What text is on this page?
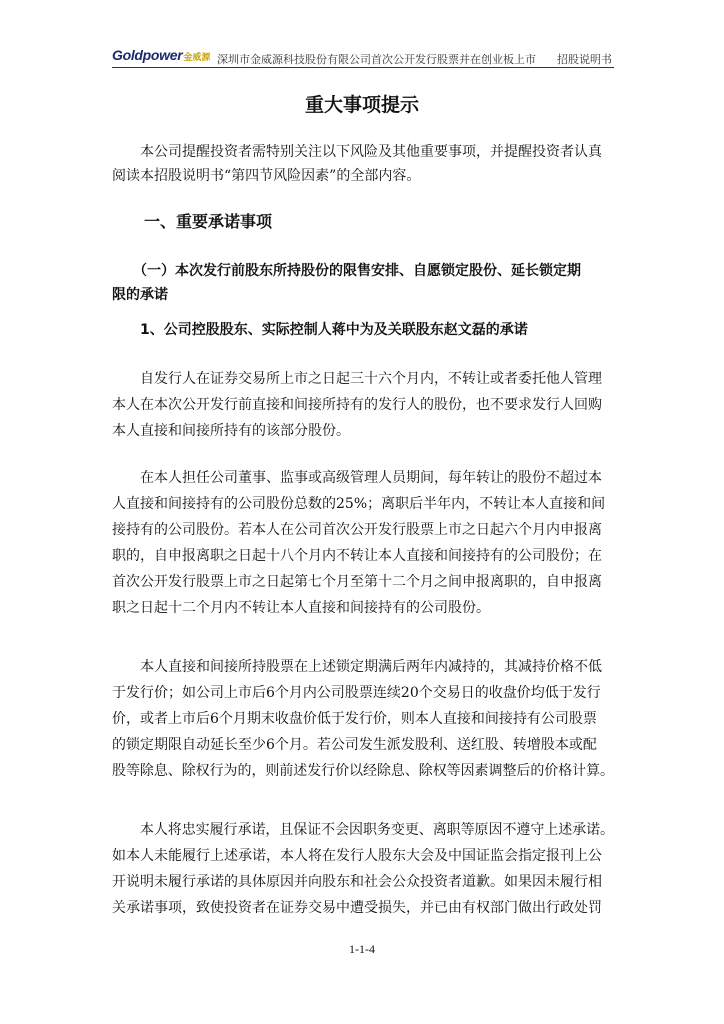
Goldpower 金威源 深圳市金威源科技股份有限公司首次公开发行股票并在创业板上市 招股说明书
重大事项提示
　　本公司提醒投资者需特别关注以下风险及其他重要事项，并提醒投资者认真
阅读本招股说明书“第四节风险因素”的全部内容。
　　一、重要承诺事项
　　（一）本次发行前股东所持股份的限售安排、自愿锁定股份、延长锁定期
限的承诺
　　1、公司控股股东、实际控制人蒋中为及关联股东赵文磊的承诺
　　自发行人在证券交易所上市之日起三十六个月内，不转让或者委托他人管理
本人在本次公开发行前直接和间接所持有的发行人的股份，也不要求发行人回购
本人直接和间接所持有的该部分股份。
　　在本人担任公司董事、监事或高级管理人员期间，每年转让的股份不超过本
人直接和间接持有的公司股份总数的25%；离职后半年内，不转让本人直接和间
接持有的公司股份。若本人在公司首次公开发行股票上市之日起六个月内申报离
职的，自申报离职之日起十八个月内不转让本人直接和间接持有的公司股份；在
首次公开发行股票上市之日起第七个月至第十二个月之间申报离职的，自申报离
职之日起十二个月内不转让本人直接和间接持有的公司股份。
　　本人直接和间接所持股票在上述锁定期满后两年内减持的，其减持价格不低
于发行价；如公司上市后6个月内公司股票连续20个交易日的收盘价均低于发行
价，或者上市后6个月期末收盘价低于发行价，则本人直接和间接持有公司股票
的锁定期限自动延长至少6个月。若公司发生派发股利、送红股、转增股本或配
股等除息、除权行为的，则前述发行价以经除息、除权等因素调整后的价格计算。
　　本人将忠实履行承诺，且保证不会因职务变更、离职等原因不遵守上述承诺。
如本人未能履行上述承诺，本人将在发行人股东大会及中国证监会指定报刊上公
开说明未履行承诺的具体原因并向股东和社会公众投资者道歉。如果因未履行相
关承诺事项，致使投资者在证券交易中遭受损失，并已由有权部门做出行政处罚
1-1-4
